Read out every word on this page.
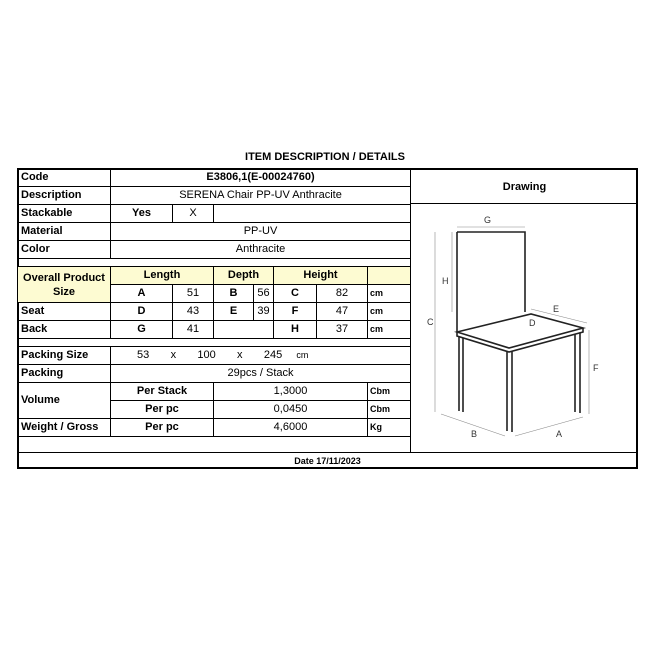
ITEM DESCRIPTION / DETAILS
Code	E3806,1(E-00024760)						
Description	SERENA Chair PP-UV Anthracite						
Stackable	Yes	X					
Material	PP-UV						
Color	Anthracite						

Overall Product Size	Length		Depth		Height		
	A	51	B	56	C	82	cm
Seat	D	43	E	39	F	47	cm
Back	G	41			H	37	cm

Packing Size	53 x 100 x 245 cm						
Packing	29pcs / Stack						
Volume	Per Stack		1,3000				Cbm
	Per pc		0,0450				Cbm
Weight / Gross	Per pc		4,6000				Kg
Drawing
G
H
C
E
D
F
B	A
Date 17/11/2023
